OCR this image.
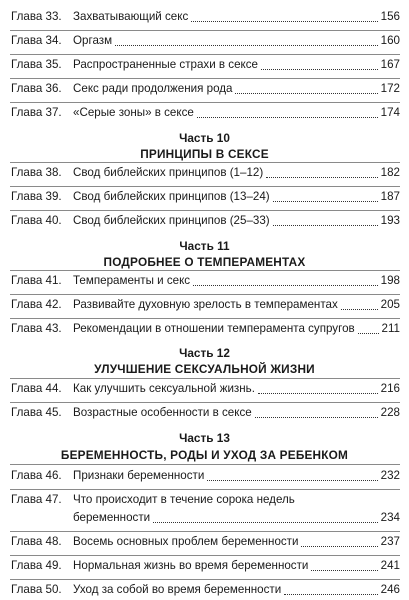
Глава 33. Захватывающий секс	156
Глава 34. Оргазм	160
Глава 35. Распространенные страхи в сексе	167
Глава 36. Секс ради продолжения рода	172
Глава 37. «Серые зоны» в сексе	174
Часть 10
ПРИНЦИПЫ В СЕКСЕ
Глава 38. Свод библейских принципов (1–12)	182
Глава 39. Свод библейских принципов (13–24)	187
Глава 40. Свод библейских принципов (25–33)	193
Часть 11
ПОДРОБНЕЕ О ТЕМПЕРАМЕНТАХ
Глава 41. Темпераменты и секс	198
Глава 42. Развивайте духовную зрелость в темпераментах	205
Глава 43. Рекомендации в отношении темперамента супругов 211
Часть 12
УЛУЧШЕНИЕ СЕКСУАЛЬНОЙ ЖИЗНИ
Глава 44. Как улучшить сексуальной жизнь.	216
Глава 45. Возрастные особенности в сексе	228
Часть 13
БЕРЕМЕННОСТЬ, РОДЫ И УХОД ЗА РЕБЕНКОМ
Глава 46. Признаки беременности	232
Глава 47. Что происходит в течение сорока недель
беременности	234
Глава 48. Восемь основных проблем беременности	237
Глава 49. Нормальная жизнь во время беременности	241
Глава 50. Уход за собой во время беременности	246
